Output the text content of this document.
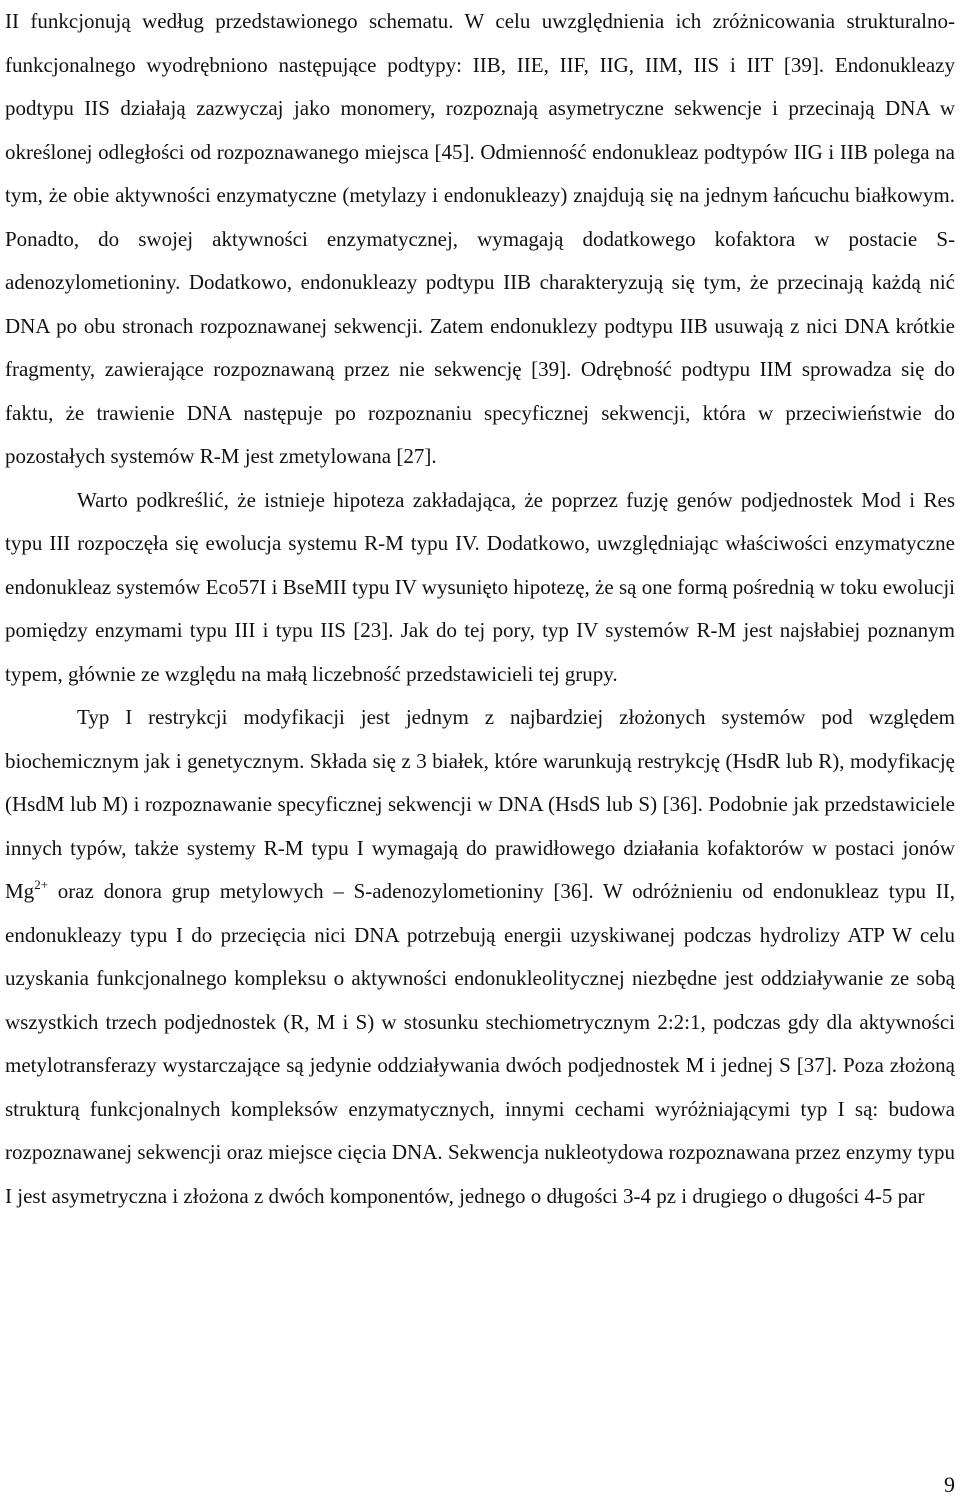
II funkcjonują według przedstawionego schematu. W celu uwzględnienia ich zróżnicowania strukturalno-funkcjonalnego wyodrębniono następujące podtypy: IIB, IIE, IIF, IIG, IIM, IIS i IIT [39]. Endonukleazy podtypu IIS działają zazwyczaj jako monomery, rozpoznają asymetryczne sekwencje i przecinają DNA w określonej odległości od rozpoznawanego miejsca [45]. Odmienność endonukleaz podtypów IIG i IIB polega na tym, że obie aktywności enzymatyczne (metylazy i endonukleazy) znajdują się na jednym łańcuchu białkowym. Ponadto, do swojej aktywności enzymatycznej, wymagają dodatkowego kofaktora w postacie S-adenozylometioniny. Dodatkowo, endonukleazy podtypu IIB charakteryzują się tym, że przecinają każdą nić DNA po obu stronach rozpoznawanej sekwencji. Zatem endonuklezy podtypu IIB usuwają z nici DNA krótkie fragmenty, zawierające rozpoznawaną przez nie sekwencję [39]. Odrębność podtypu IIM sprowadza się do faktu, że trawienie DNA następuje po rozpoznaniu specyficznej sekwencji, która w przeciwieństwie do pozostałych systemów R-M jest zmetylowana [27].

Warto podkreślić, że istnieje hipoteza zakładająca, że poprzez fuzję genów podjednostek Mod i Res typu III rozpoczęła się ewolucja systemu R-M typu IV. Dodatkowo, uwzględniając właściwości enzymatyczne endonukleaz systemów Eco57I i BseMII typu IV wysunięto hipotezę, że są one formą pośrednią w toku ewolucji pomiędzy enzymami typu III i typu IIS [23]. Jak do tej pory, typ IV systemów R-M jest najsłabiej poznanym typem, głównie ze względu na małą liczebność przedstawicieli tej grupy.

Typ I restrykcji modyfikacji jest jednym z najbardziej złożonych systemów pod względem biochemicznym jak i genetycznym. Składa się z 3 białek, które warunkują restrykcję (HsdR lub R), modyfikację (HsdM lub M) i rozpoznawanie specyficznej sekwencji w DNA (HsdS lub S) [36]. Podobnie jak przedstawiciele innych typów, także systemy R-M typu I wymagają do prawidłowego działania kofaktorów w postaci jonów $Mg^{2+}$ oraz donora grup metylowych – S-adenozylometioniny [36]. W odróżnieniu od endonukleaz typu II, endonukleazy typu I do przecięcia nici DNA potrzebują energii uzyskiwanej podczas hydrolizy ATP W celu uzyskania funkcjonalnego kompleksu o aktywności endonukleolitycznej niezbędne jest oddziaływanie ze sobą wszystkich trzech podjednostek (R, M i S) w stosunku stechiometrycznym 2:2:1, podczas gdy dla aktywności metylotransferazy wystarczające są jedynie oddziaływania dwóch podjednostek M i jednej S [37]. Poza złożoną strukturą funkcjonalnych kompleksów enzymatycznych, innymi cechami wyróżniającymi typ I są: budowa rozpoznawanej sekwencji oraz miejsce cięcia DNA. Sekwencja nukleotydowa rozpoznawana przez enzymy typu I jest asymetryczna i złożona z dwóch komponentów, jednego o długości 3-4 pz i drugiego o długości 4-5 par

9
